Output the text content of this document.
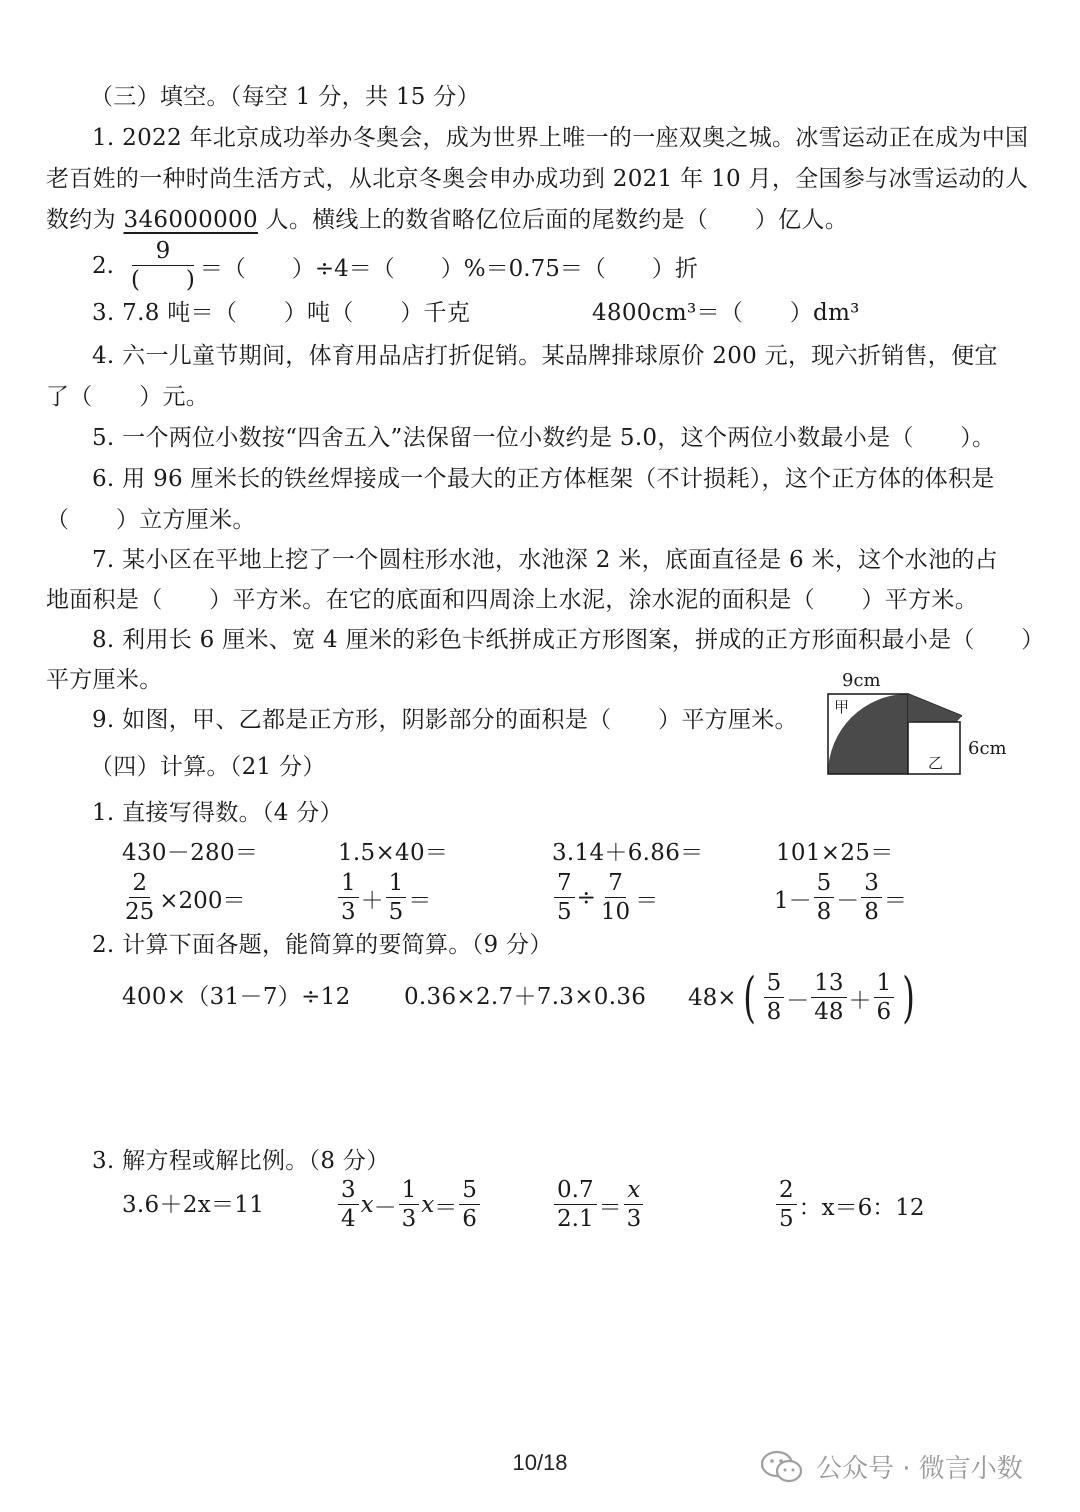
（三）填空。（每空 1 分，共 15 分）
1. 2022 年北京成功举办冬奥会，成为世界上唯一的一座双奥之城。冰雪运动正在成为中国
老百姓的一种时尚生活方式，从北京冬奥会申办成功到 2021 年 10 月，全国参与冰雪运动的人
数约为 346000000 人。横线上的数省略亿位后面的尾数约是（　　）亿人。
2. $\frac{9}{( )}$ ＝（　　）÷4＝（　　）%＝0.75＝（　　）折
3. 7.8 吨＝（　　）吨（　　）千克	4800cm³＝（　　）dm³
4. 六一儿童节期间，体育用品店打折促销。某品牌排球原价 200 元，现六折销售，便宜
了（　　）元。
5. 一个两位小数按“四舍五入”法保留一位小数约是 5.0，这个两位小数最小是（　　）。
6. 用 96 厘米长的铁丝焊接成一个最大的正方体框架（不计损耗），这个正方体的体积是
（　　）立方厘米。
7. 某小区在平地上挖了一个圆柱形水池，水池深 2 米，底面直径是 6 米，这个水池的占
地面积是（　　）平方米。在它的底面和四周涂上水泥，涂水泥的面积是（　　）平方米。
8. 利用长 6 厘米、宽 4 厘米的彩色卡纸拼成正方形图案，拼成的正方形面积最小是（　　）
平方厘米。
9. 如图，甲、乙都是正方形，阴影部分的面积是（　　）平方厘米。
9cm
6cm
甲
乙
（四）计算。（21 分）
1. 直接写得数。（4 分）
430－280＝	1.5×40＝	3.14＋6.86＝	101×25＝
$\frac{2}{25} \times 200=$	$\frac{1}{3} + \frac{1}{5}$ ＝	$\frac{7}{5} \div \frac{7}{10}$ ＝	$1- \frac{5}{8} - \frac{3}{8}$ ＝
2. 计算下面各题，能简算的要简算。（9 分）
400×（31－7）÷12 0.36×2.7＋7.3×0.36 48× ( $\frac{5}{8} - \frac{13}{48} + \frac{1}{6}$ )
3. 解方程或解比例。（8 分）
3.6＋2x＝11	$\frac{3}{4}$ $x - \frac{1}{3}$ $x = \frac{5}{6}$	$\frac{0.7}{2.1} = \frac{x}{3}$	$\frac{2}{5}$ ：x＝6：12
10/18	公众号 · 微言小数
